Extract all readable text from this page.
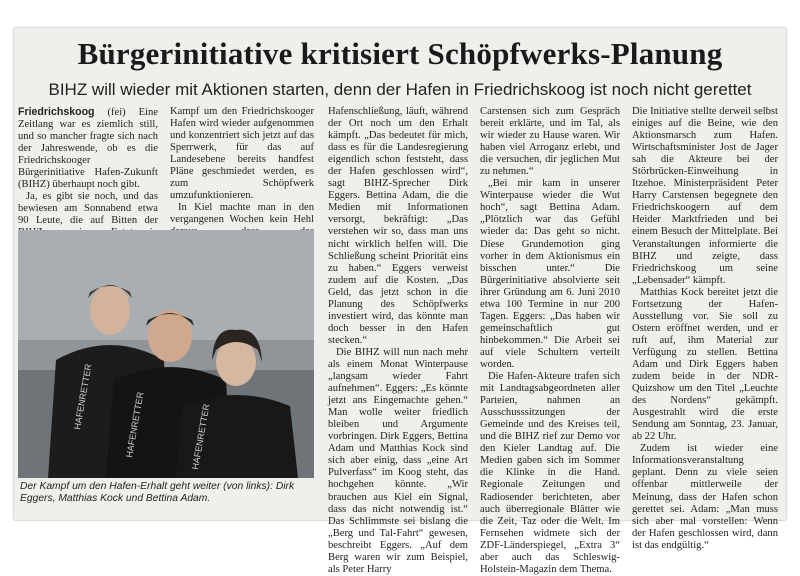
Bürgerinitiative kritisiert Schöpfwerks-Planung
BIHZ will wieder mit Aktionen starten, denn der Hafen in Friedrichskoog ist noch nicht gerettet

Friedrichskoog (fei) Eine Zeitlang war es ziemlich still, und so mancher fragte sich nach der Jahreswende, ob es die Friedrichskooger Bürgerinitiative Hafen-Zukunft (BIHZ) überhaupt noch gibt.

Ja, es gibt sie noch, und das bewiesen am Sonnabend etwa 90 Leute, die auf Bitten der

Kampf um den Friedrichskooger Hafen wird wieder aufgenommen und konzentriert sich jetzt auf das Sperrwerk, für das auf Landesebene bereits handfest Pläne geschmiedet werden, es zum Schöpfwerk umzufunktionieren.

In Kiel machte man in den vergangenen Wochen kein Hehl

HAFENRETTER	HAFENRETTER	HAFENRETTER
Der Kampf um den Hafen-Erhalt geht weiter (von links): Dirk Eggers, Matthias Kock und Bettina Adam.

Hafenschließung, läuft, während der Ort noch um den Erhalt kämpft. „Das bedeutet für mich, dass es für die Landesregierung eigentlich schon feststeht, dass der Hafen geschlossen wird“, sagt BIHZ-Sprecher Dirk Eggers. Bettina Adam, die die Medien mit Informationen versorgt, bekräftigt: „Das verstehen wir so, dass man uns nicht wirklich helfen will. Die Schließung scheint Priorität eins zu haben.“ Eggers verweist zudem auf die Kosten. „Das Geld, das jetzt schon in die Planung des Schöpfwerks investiert wird, das könnte man doch besser in den Hafen stecken.“

Die BIHZ will nun nach mehr als einem Monat Winterpause „langsam wieder Fahrt aufnehmen“. Eggers: „Es könnte jetzt ans Eingemachte gehen.“ Man wolle weiter friedlich bleiben und Argumente vorbringen. Dirk Eggers, Bettina Adam und Matthias Kock sind sich aber einig, dass „eine Art Pulverfass“ im Koog steht, das hochgehen könnte. „Wir brauchen aus Kiel ein Signal, dass das nicht notwendig ist.“ Das Schlimmste sei bislang die „Berg und Tal-Fahrt“ gewesen, beschreibt Eggers. „Auf dem Berg waren wir zum Beispiel, als Peter Harry

Carstensen sich zum Gespräch bereit erklärte, und im Tal, als wir wieder zu Hause waren. Wir haben viel Arroganz erlebt, und die versuchen, dir jeglichen Mut zu nehmen.“

„Bei mir kam in unserer Winterpause wieder die Wut hoch“, sagt Bettina Adam. „Plötzlich war das Gefühl wieder da: Das geht so nicht. Diese Grundemotion ging vorher in dem Aktionismus ein bisschen unter.“ Die Bürgerinitiative absolvierte seit ihrer Gründung am 6. Juni 2010 etwa 100 Termine in nur 200 Tagen. Eggers: „Das haben wir gemeinschaftlich gut hinbekommen.“ Die Arbeit sei auf viele Schultern verteilt worden.

Die Hafen-Akteure trafen sich mit Landtagsabgeordneten aller Parteien, nahmen an Ausschusssitzungen der Gemeinde und des Kreises teil, und die BIHZ rief zur Demo vor den Kieler Landtag auf. Die Medien gaben sich im Sommer die Klinke in die Hand. Regionale Zeitungen und Radiosender berichteten, aber auch überregionale Blätter wie die Zeit, Taz oder die Welt. Im Fernsehen widmete sich der ZDF-Länderspiegel, „Extra 3“ aber auch das Schleswig-Holstein-Magazin dem Thema.

Die Initiative stellte derweil selbst einiges auf die Beine, wie den Aktionsmarsch zum Hafen. Wirtschaftsminister Jost de Jager sah die Akteure bei der Störbrücken-Einweihung in Itzehoe. Ministerpräsident Peter Harry Carstensen begegnete den Friedrichskoogern auf dem Heider Marktfrieden und bei einem Besuch der Mittelplate. Bei Veranstaltungen informierte die BIHZ und zeigte, dass Friedrichskoog um seine „Lebensader“ kämpft.

Matthias Kock bereitet jetzt die Fortsetzung der Hafen-Ausstellung vor. Sie soll zu Ostern eröffnet werden, und er ruft auf, ihm Material zur Verfügung zu stellen. Bettina Adam und Dirk Eggers haben zudem beide in der NDR-Quizshow um den Titel „Leuchte des Nordens“ gekämpft. Ausgestrahlt wird die erste Sendung am Sonntag, 23. Januar, ab 22 Uhr.

Zudem ist wieder eine Informationsveranstaltung geplant. Denn zu viele seien offenbar mittlerweile der Meinung, dass der Hafen schon gerettet sei. Adam: „Man muss sich aber mal vorstellen: Wenn der Hafen geschlossen wird, dann ist das endgültig.“
